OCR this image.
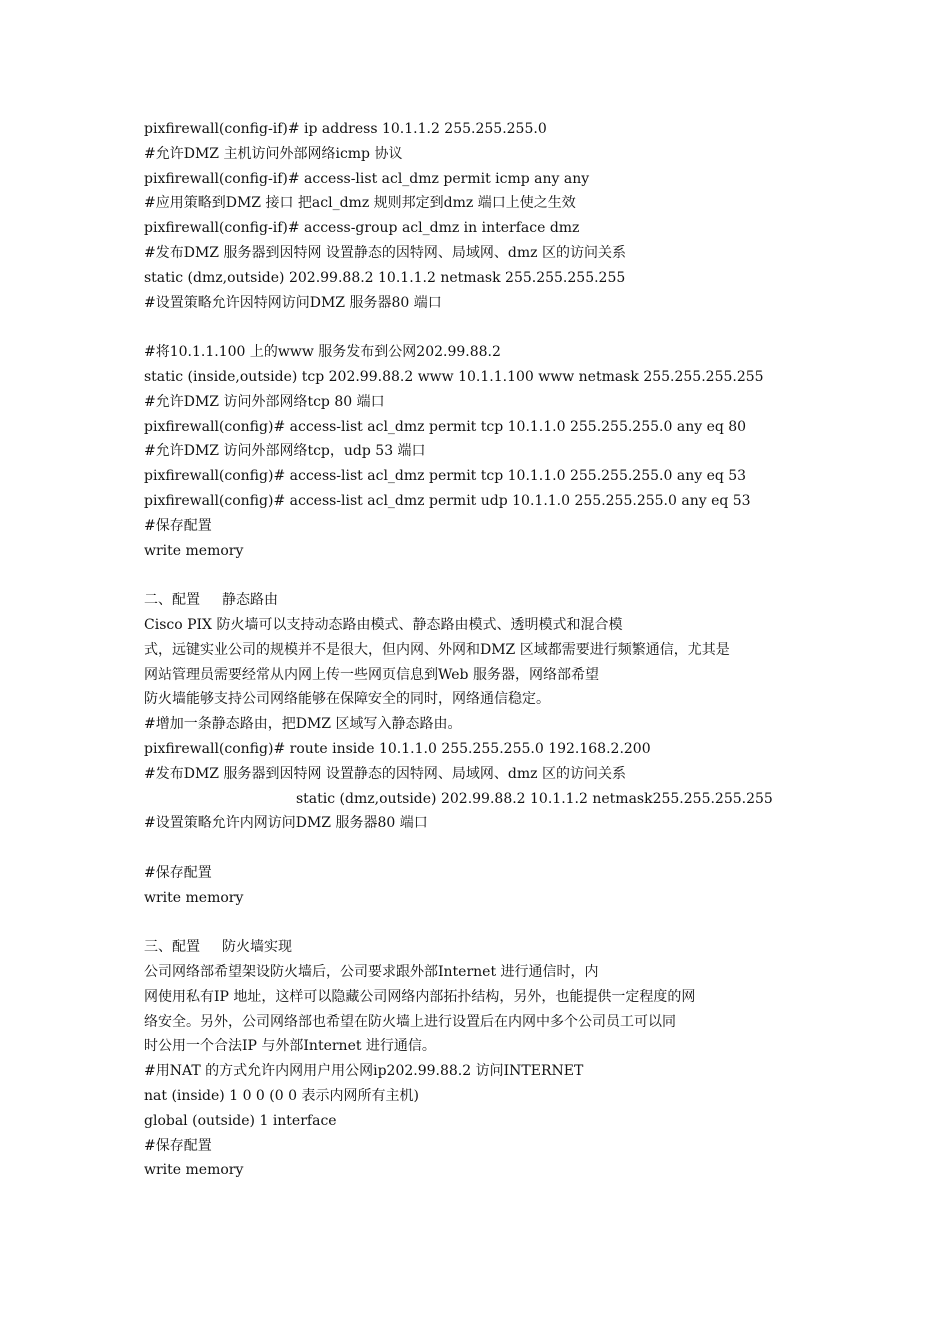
pixfirewall(config-if)# ip address 10.1.1.2 255.255.255.0
#允许DMZ 主机访问外部网络icmp 协议
pixfirewall(config-if)# access-list acl_dmz permit icmp any any
#应用策略到DMZ 接口 把acl_dmz 规则邦定到dmz 端口上使之生效
pixfirewall(config-if)# access-group acl_dmz in interface dmz
#发布DMZ 服务器到因特网 设置静态的因特网、局域网、dmz 区的访问关系
static (dmz,outside) 202.99.88.2 10.1.1.2 netmask 255.255.255.255
#设置策略允许因特网访问DMZ 服务器80 端口
#将10.1.1.100 上的www 服务发布到公网202.99.88.2
static (inside,outside) tcp 202.99.88.2 www 10.1.1.100 www netmask 255.255.255.255
#允许DMZ 访问外部网络tcp 80 端口
pixfirewall(config)# access-list acl_dmz permit tcp 10.1.1.0 255.255.255.0 any eq 80
#允许DMZ 访问外部网络tcp，udp 53 端口
pixfirewall(config)# access-list acl_dmz permit tcp 10.1.1.0 255.255.255.0 any eq 53
pixfirewall(config)# access-list acl_dmz permit udp 10.1.1.0 255.255.255.0 any eq 53
#保存配置
write memory
二、配置 静态路由
Cisco PIX 防火墙可以支持动态路由模式、静态路由模式、透明模式和混合模
式，远键实业公司的规模并不是很大，但内网、外网和DMZ 区域都需要进行频繁通信，尤其是
网站管理员需要经常从内网上传一些网页信息到Web 服务器，网络部希望
防火墙能够支持公司网络能够在保障安全的同时，网络通信稳定。
#增加一条静态路由，把DMZ 区域写入静态路由。
pixfirewall(config)# route inside 10.1.1.0 255.255.255.0 192.168.2.200
#发布DMZ 服务器到因特网 设置静态的因特网、局域网、dmz 区的访问关系
static (dmz,outside) 202.99.88.2 10.1.1.2 netmask255.255.255.255
#设置策略允许内网访问DMZ 服务器80 端口
#保存配置
write memory
三、配置 防火墙实现
公司网络部希望架设防火墙后，公司要求跟外部Internet 进行通信时，内
网使用私有IP 地址，这样可以隐藏公司网络内部拓扑结构，另外，也能提供一定程度的网
络安全。另外，公司网络部也希望在防火墙上进行设置后在内网中多个公司员工可以同
时公用一个合法IP 与外部Internet 进行通信。
#用NAT 的方式允许内网用户用公网ip202.99.88.2 访问INTERNET
nat (inside) 1 0 0 (0 0 表示内网所有主机)
global (outside) 1 interface
#保存配置
write memory
